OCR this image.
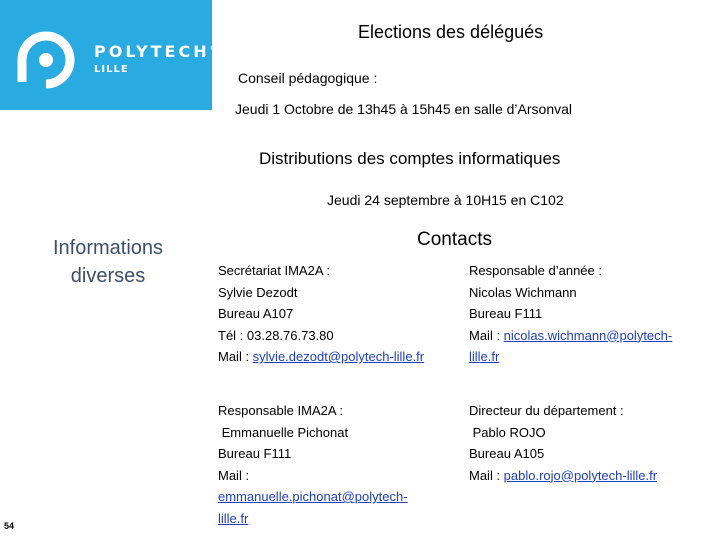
POLYTECH®
LILLE
Informations diverses
54
Elections des délégués
Conseil pédagogique :
Jeudi 1 Octobre de 13h45 à 15h45 en salle d’Arsonval
Distributions des comptes informatiques
Jeudi 24 septembre à 10H15 en C102
Contacts
Secrétariat IMA2A :
Sylvie Dezodt
Bureau A107
Tél : 03.28.76.73.80
Mail : sylvie.dezodt@polytech-lille.fr
Responsable d’année :
Nicolas Wichmann
Bureau F111
Mail : nicolas.wichmann@polytech-
lille.fr
Responsable IMA2A :
Emmanuelle Pichonat
Bureau F111
Mail :
emmanuelle.pichonat@polytech-
lille.fr
Directeur du département :
Pablo ROJO
Bureau A105
Mail : pablo.rojo@polytech-lille.fr
